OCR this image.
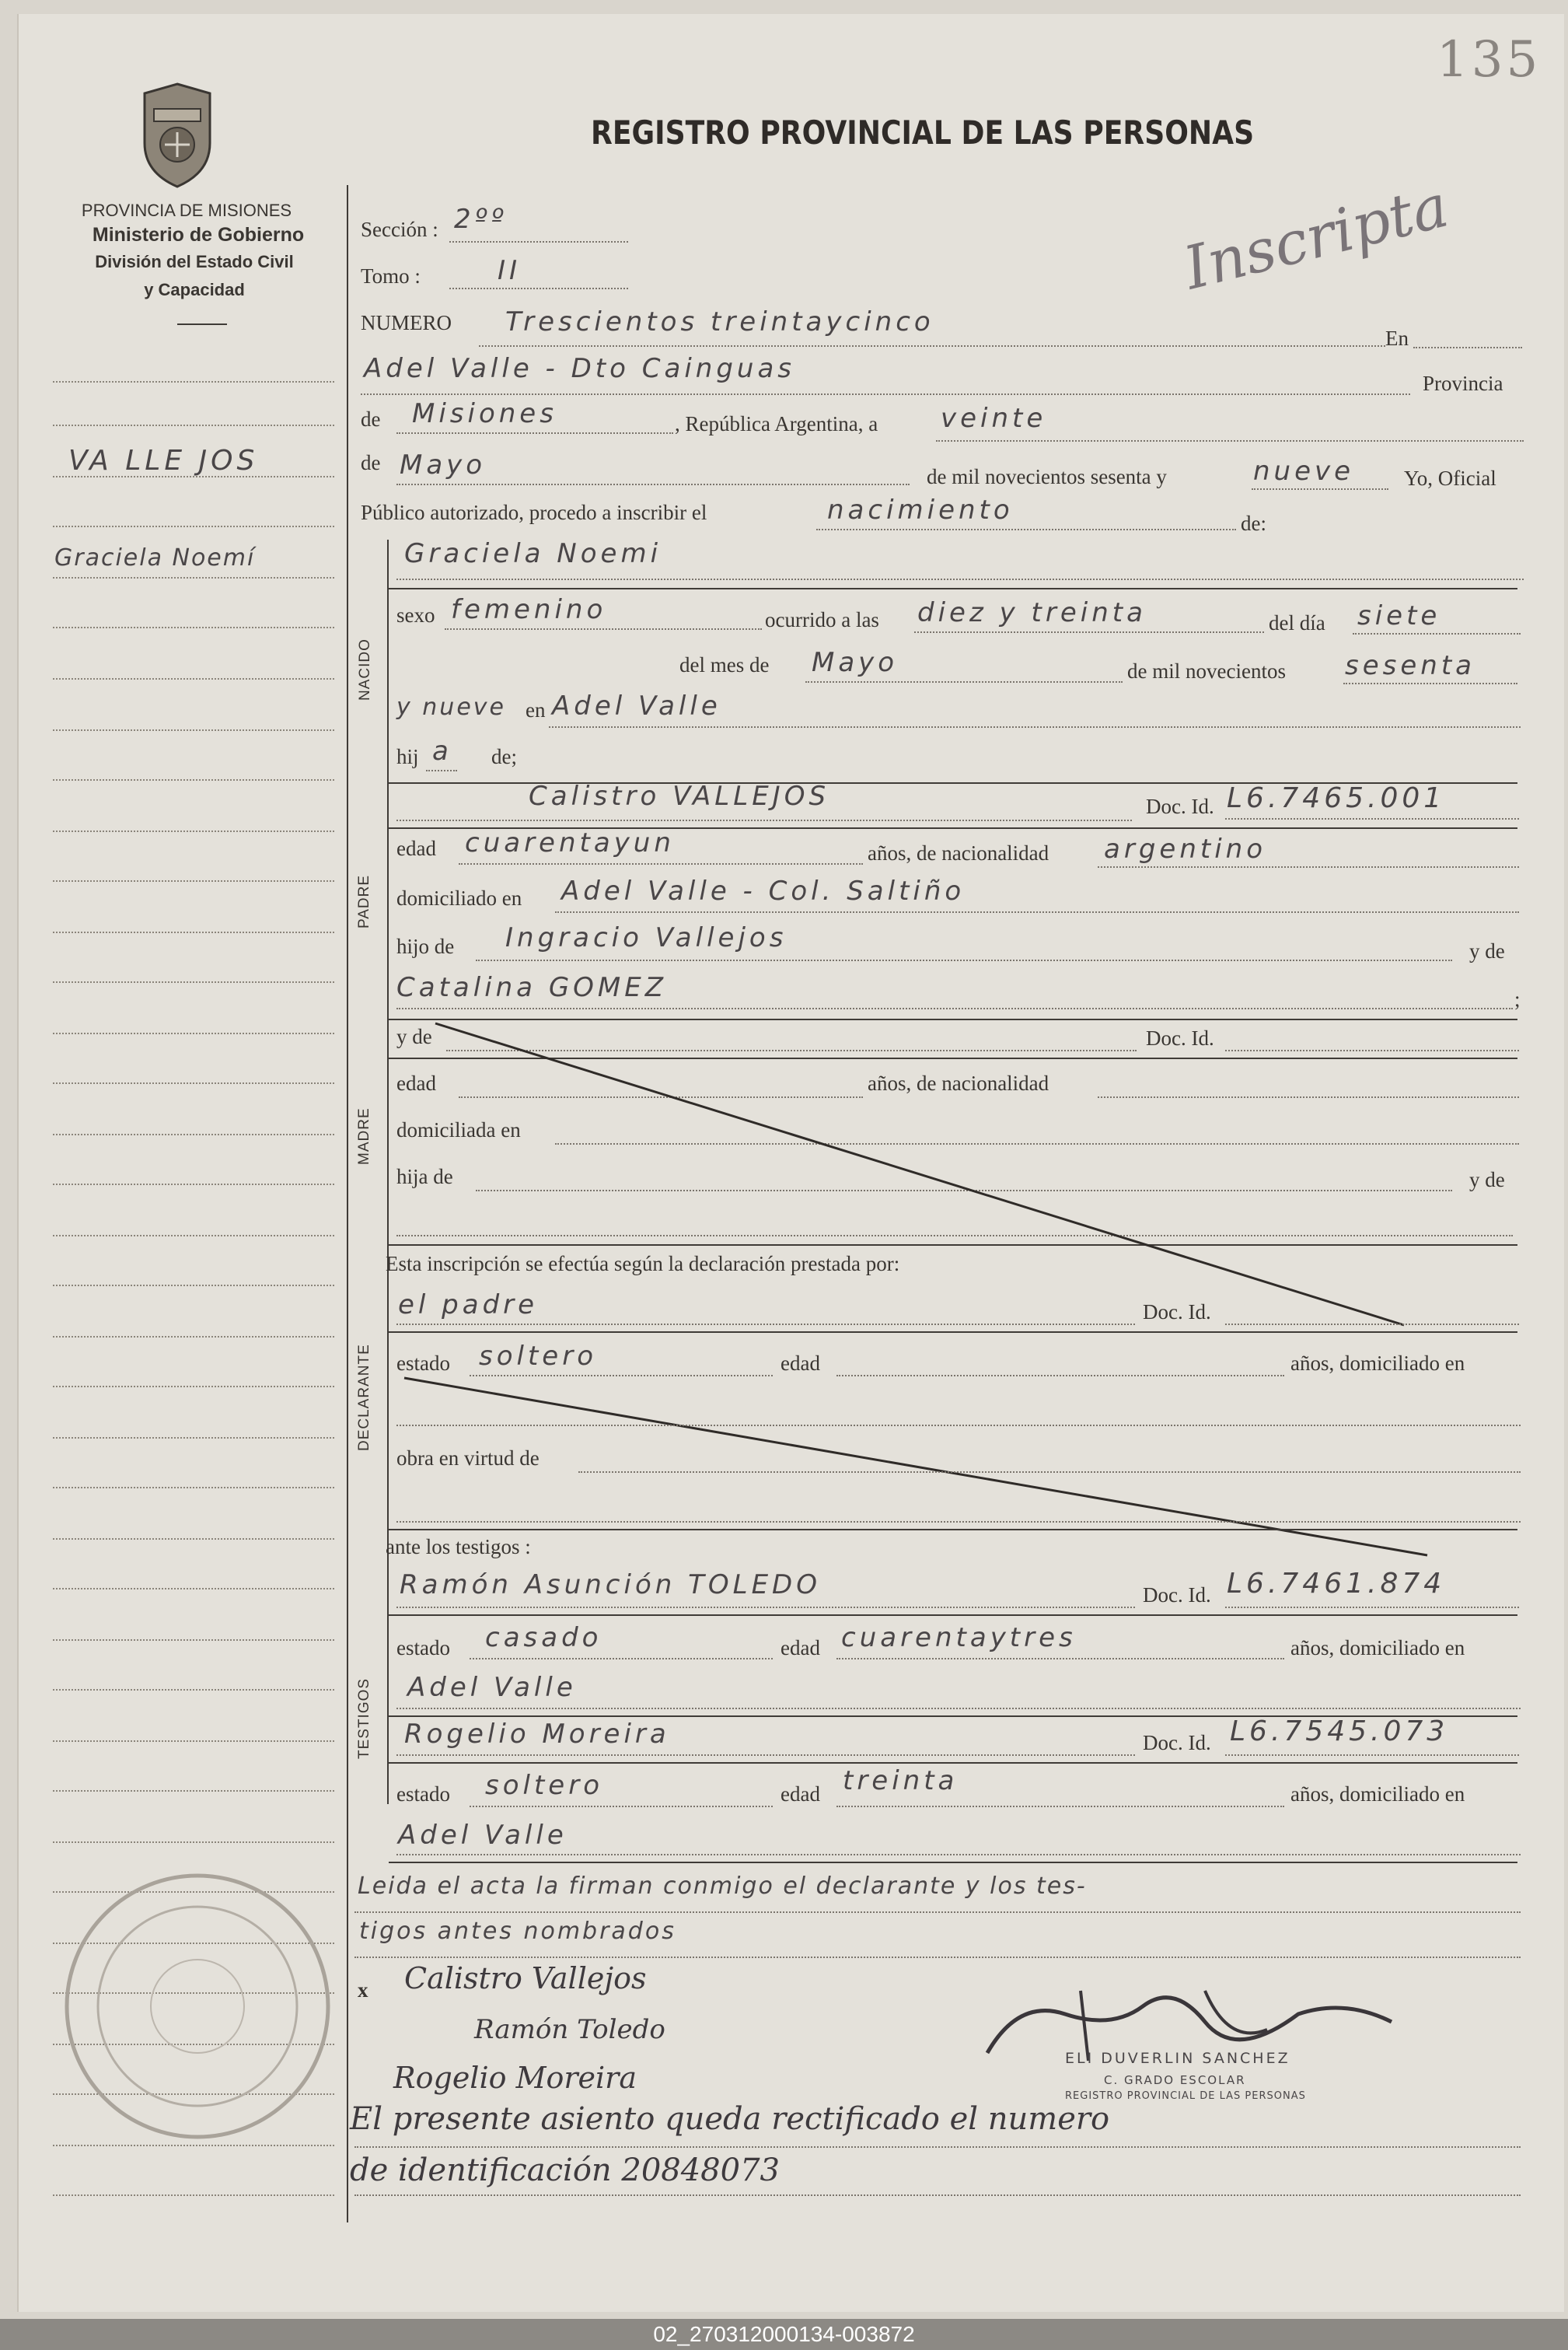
135
PROVINCIA DE MISIONES
Ministerio de Gobierno
División del Estado Civil
y Capacidad
REGISTRO PROVINCIAL DE LAS PERSONAS
Inscripta
VA LLE JOS
Graciela Noemí
Sección : 2ºº
Tomo :	II
NUMERO Trescientos treintaycinco
En
Adel Valle - Dto Cainguas	Provincia
de Misiones	, República Argentina, a veinte
de Mayo	de mil novecientos sesenta y	nueve Yo, Oficial
Público autorizado, procedo a inscribir el	nacimiento	de:
NACIDO
Graciela Noemi
sexo femenino	ocurrido a las diez y treinta	del día siete
del mes de Mayo	de mil novecientos sesenta
y nueve en Adel Valle
hij a de;
PADRE
Calistro VALLEJOS	Doc. Id. L6.7465.001
edad cuarentayun	años, de nacionalidad argentino
domiciliado en Adel Valle - Col. Saltiño
hijo de Ingracio Vallejos	y de
Catalina GOMEZ	;
MADRE
y de	Doc. Id.
edad	años, de nacionalidad
domiciliada en
hija de	y de
Esta inscripción se efectúa según la declaración prestada por:
DECLARANTE
el padre	Doc. Id.
estado soltero	edad	años, domiciliado en
obra en virtud de
ante los testigos :
TESTIGOS
Ramón Asunción TOLEDO	Doc. Id. L6.7461.874
estado casado	edad cuarentaytres	años, domiciliado en
Adel Valle
Rogelio Moreira	Doc. Id. L6.7545.073
estado soltero	edad treinta	años, domiciliado en
Adel Valle
Leida el acta la firman conmigo el declarante y los tes-
tigos antes nombrados
x Calistro Vallejos
Ramón Toledo
Rogelio Moreira
ELI DUVERLIN SANCHEZ
C. GRADO ESCOLAR
REGISTRO PROVINCIAL DE LAS PERSONAS
El presente asiento queda rectificado el numero
de identificación 20848073
02_270312000134-003872
